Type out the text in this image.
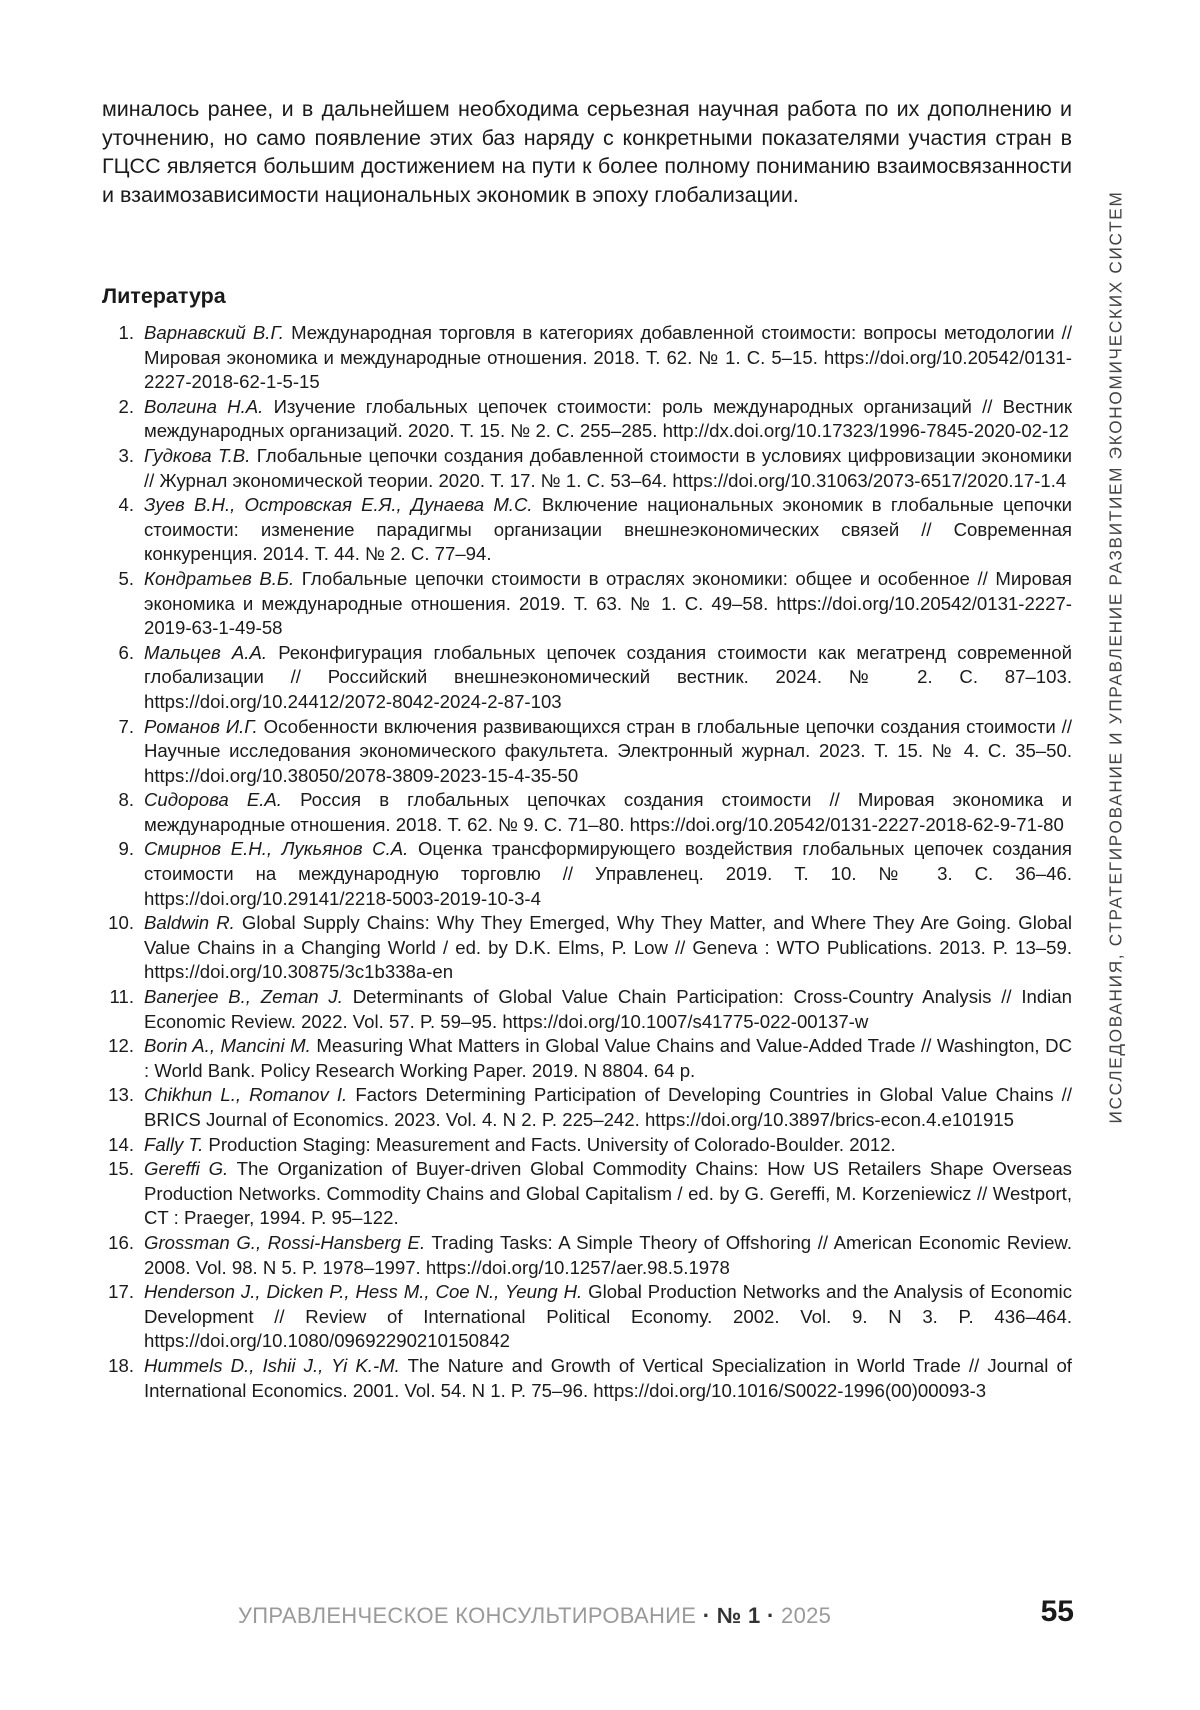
миналось ранее, и в дальнейшем необходима серьезная научная работа по их дополнению и уточнению, но само появление этих баз наряду с конкретными показателями участия стран в ГЦСС является большим достижением на пути к более полному пониманию взаимосвязанности и взаимозависимости национальных экономик в эпоху глобализации.
Литература
1. Варнавский В.Г. Международная торговля в категориях добавленной стоимости: вопросы методологии // Мировая экономика и международные отношения. 2018. Т. 62. № 1. С. 5–15. https://doi.org/10.20542/0131-2227-2018-62-1-5-15
2. Волгина Н.А. Изучение глобальных цепочек стоимости: роль международных организаций // Вестник международных организаций. 2020. Т. 15. № 2. С. 255–285. http://dx.doi.org/10.17323/1996-7845-2020-02-12
3. Гудкова Т.В. Глобальные цепочки создания добавленной стоимости в условиях цифровизации экономики // Журнал экономической теории. 2020. Т. 17. № 1. С. 53–64. https://doi.org/10.31063/2073-6517/2020.17-1.4
4. Зуев В.Н., Островская Е.Я., Дунаева М.С. Включение национальных экономик в глобальные цепочки стоимости: изменение парадигмы организации внешнеэкономических связей // Современная конкуренция. 2014. Т. 44. № 2. С. 77–94.
5. Кондратьев В.Б. Глобальные цепочки стоимости в отраслях экономики: общее и особенное // Мировая экономика и международные отношения. 2019. Т. 63. № 1. С. 49–58. https://doi.org/10.20542/0131-2227-2019-63-1-49-58
6. Мальцев А.А. Реконфигурация глобальных цепочек создания стоимости как мегатренд современной глобализации // Российский внешнеэкономический вестник. 2024. № 2. С. 87–103. https://doi.org/10.24412/2072-8042-2024-2-87-103
7. Романов И.Г. Особенности включения развивающихся стран в глобальные цепочки создания стоимости // Научные исследования экономического факультета. Электронный журнал. 2023. Т. 15. № 4. С. 35–50. https://doi.org/10.38050/2078-3809-2023-15-4-35-50
8. Сидорова Е.А. Россия в глобальных цепочках создания стоимости // Мировая экономика и международные отношения. 2018. Т. 62. № 9. С. 71–80. https://doi.org/10.20542/0131-2227-2018-62-9-71-80
9. Смирнов Е.Н., Лукьянов С.А. Оценка трансформирующего воздействия глобальных цепочек создания стоимости на международную торговлю // Управленец. 2019. Т. 10. № 3. С. 36–46. https://doi.org/10.29141/2218-5003-2019-10-3-4
10. Baldwin R. Global Supply Chains: Why They Emerged, Why They Matter, and Where They Are Going. Global Value Chains in a Changing World / ed. by D.K. Elms, P. Low // Geneva : WTO Publications. 2013. P. 13–59. https://doi.org/10.30875/3c1b338a-en
11. Banerjee B., Zeman J. Determinants of Global Value Chain Participation: Cross-Country Analysis // Indian Economic Review. 2022. Vol. 57. P. 59–95. https://doi.org/10.1007/s41775-022-00137-w
12. Borin A., Mancini M. Measuring What Matters in Global Value Chains and Value-Added Trade // Washington, DC : World Bank. Policy Research Working Paper. 2019. N 8804. 64 p.
13. Chikhun L., Romanov I. Factors Determining Participation of Developing Countries in Global Value Chains // BRICS Journal of Economics. 2023. Vol. 4. N 2. P. 225–242. https://doi.org/10.3897/brics-econ.4.e101915
14. Fally T. Production Staging: Measurement and Facts. University of Colorado-Boulder. 2012.
15. Gereffi G. The Organization of Buyer-driven Global Commodity Chains: How US Retailers Shape Overseas Production Networks. Commodity Chains and Global Capitalism / ed. by G. Gereffi, M. Korzeniewicz // Westport, CT : Praeger, 1994. P. 95–122.
16. Grossman G., Rossi-Hansberg E. Trading Tasks: A Simple Theory of Offshoring // American Economic Review. 2008. Vol. 98. N 5. P. 1978–1997. https://doi.org/10.1257/aer.98.5.1978
17. Henderson J., Dicken P., Hess M., Coe N., Yeung H. Global Production Networks and the Analysis of Economic Development // Review of International Political Economy. 2002. Vol. 9. N 3. P. 436–464. https://doi.org/10.1080/09692290210150842
18. Hummels D., Ishii J., Yi K.-M. The Nature and Growth of Vertical Specialization in World Trade // Journal of International Economics. 2001. Vol. 54. N 1. P. 75–96. https://doi.org/10.1016/S0022-1996(00)00093-3
ИССЛЕДОВАНИЯ, СТРАТЕГИРОВАНИЕ И УПРАВЛЕНИЕ РАЗВИТИЕМ ЭКОНОМИЧЕСКИХ СИСТЕМ
УПРАВЛЕНЧЕСКОЕ КОНСУЛЬТИРОВАНИЕ · № 1 · 2025	55
